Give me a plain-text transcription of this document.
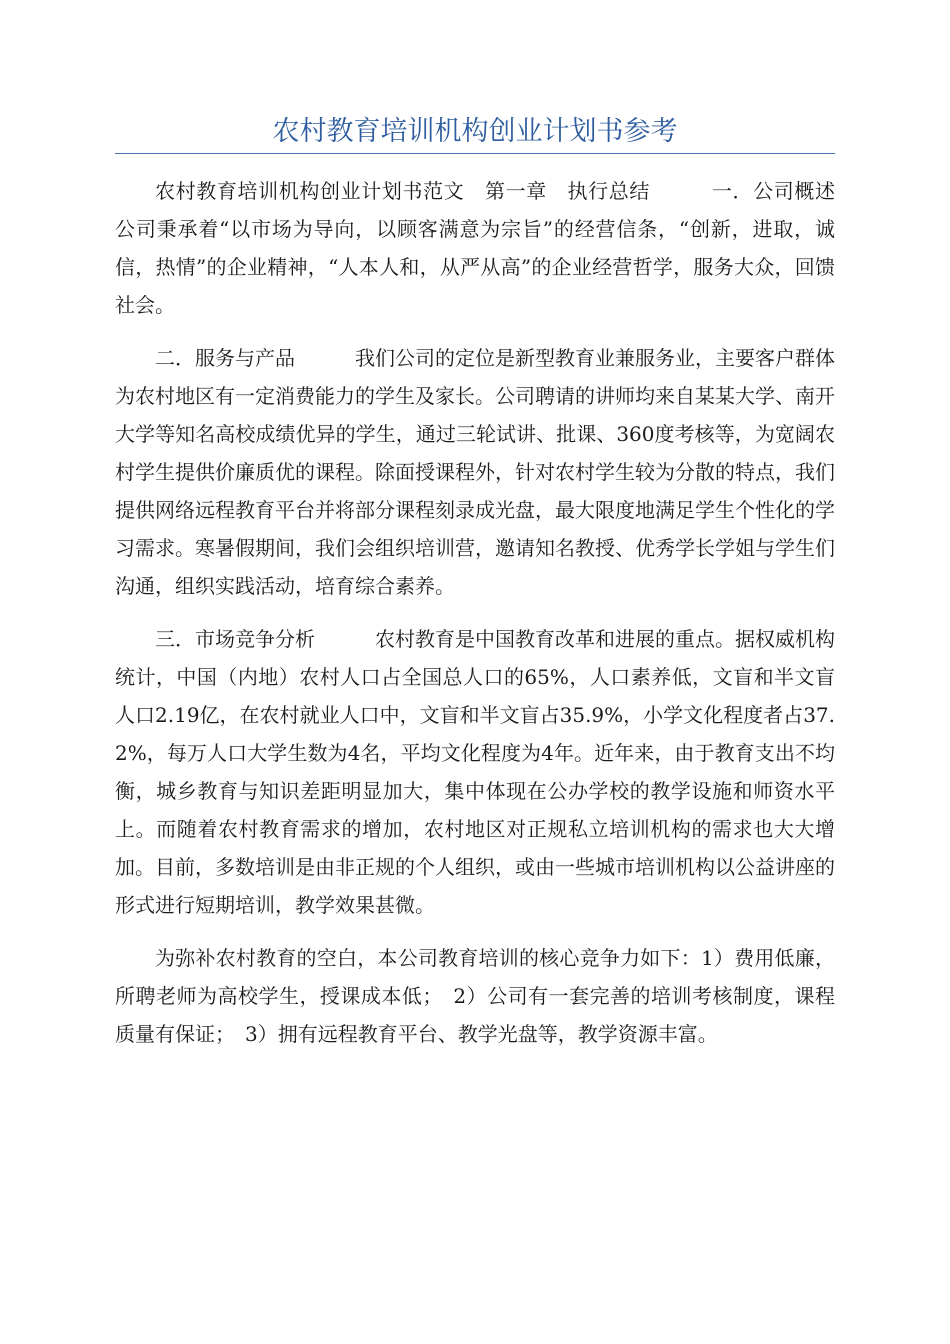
农村教育培训机构创业计划书参考

农村教育培训机构创业计划书范文　第一章　执行总结　　　一．公司概述　　　公司秉承着“以市场为导向，以顾客满意为宗旨”的经营信条，“创新，进取，诚信，热情”的企业精神，“人本人和，从严从高”的企业经营哲学，服务大众，回馈社会。

二．服务与产品　　　我们公司的定位是新型教育业兼服务业，主要客户群体为农村地区有一定消费能力的学生及家长。公司聘请的讲师均来自某某大学、南开大学等知名高校成绩优异的学生，通过三轮试讲、批课、360度考核等，为宽阔农村学生提供价廉质优的课程。除面授课程外，针对农村学生较为分散的特点，我们提供网络远程教育平台并将部分课程刻录成光盘，最大限度地满足学生个性化的学习需求。寒暑假期间，我们会组织培训营，邀请知名教授、优秀学长学姐与学生们沟通，组织实践活动，培育综合素养。

三．市场竞争分析　　　农村教育是中国教育改革和进展的重点。据权威机构统计，中国（内地）农村人口占全国总人口的65%，人口素养低，文盲和半文盲人口2.19亿，在农村就业人口中，文盲和半文盲占35.9%，小学文化程度者占37.2%，每万人口大学生数为4名，平均文化程度为4年。近年来，由于教育支出不均衡，城乡教育与知识差距明显加大，集中体现在公办学校的教学设施和师资水平上。而随着农村教育需求的增加，农村地区对正规私立培训机构的需求也大大增加。目前，多数培训是由非正规的个人组织，或由一些城市培训机构以公益讲座的形式进行短期培训，教学效果甚微。

为弥补农村教育的空白，本公司教育培训的核心竞争力如下：1）费用低廉，所聘老师为高校学生，授课成本低；　2）公司有一套完善的培训考核制度，课程质量有保证；　3）拥有远程教育平台、教学光盘等，教学资源丰富。
